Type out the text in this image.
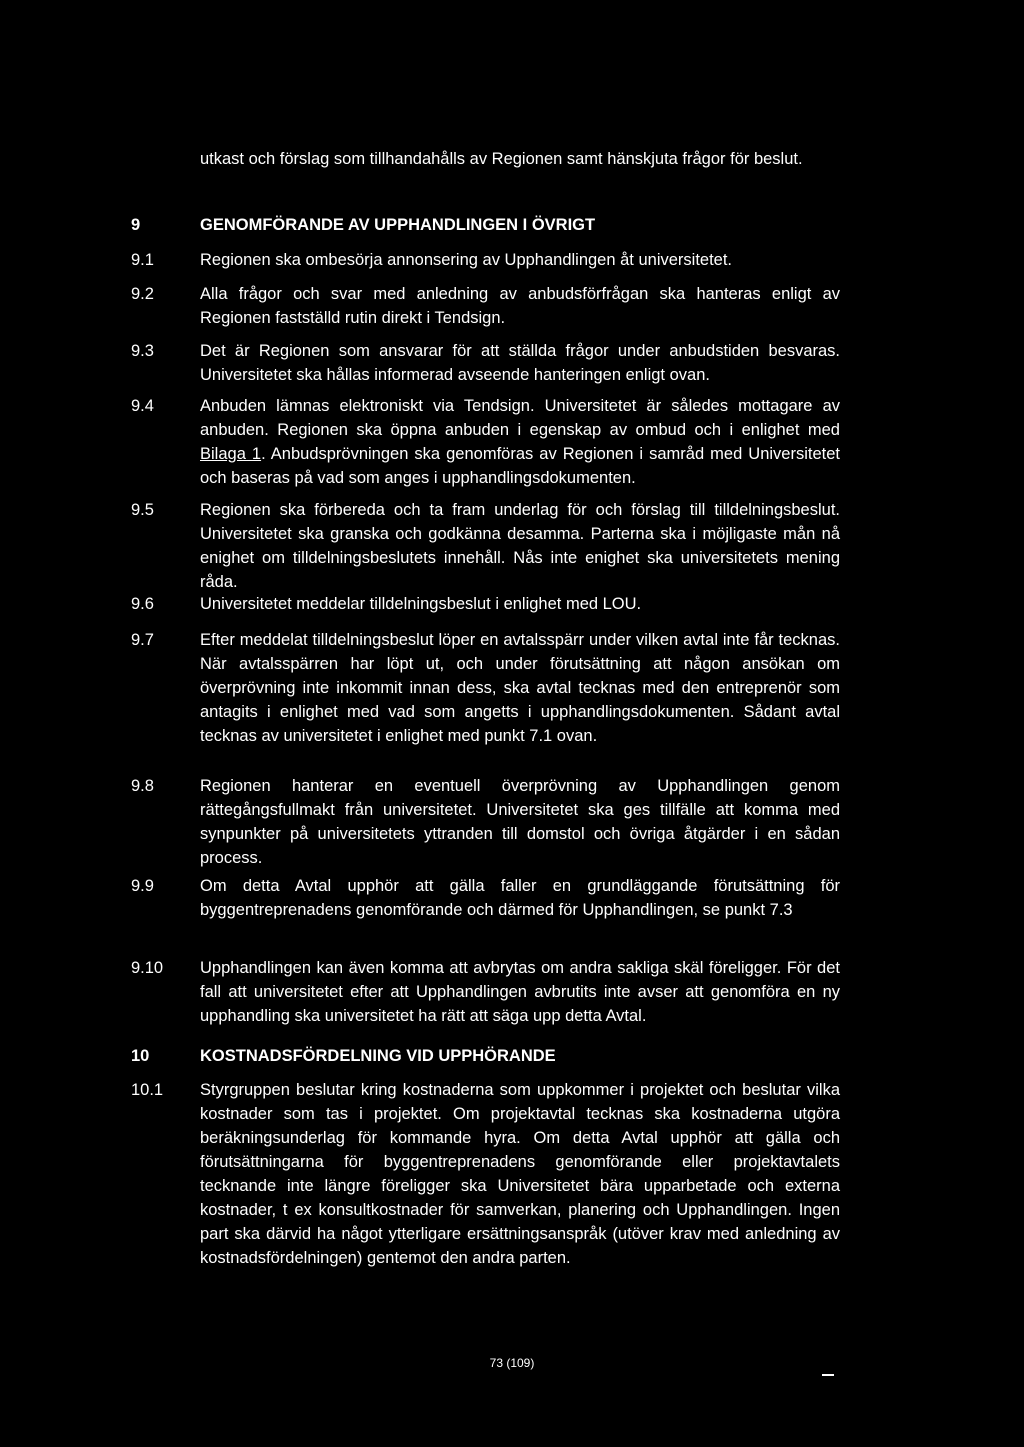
utkast och förslag som tillhandahålls av Regionen samt hänskjuta frågor för beslut.

9	GENOMFÖRANDE AV UPPHANDLINGEN I ÖVRIGT
9.1	Regionen ska ombesörja annonsering av Upphandlingen åt universitetet.

9.2	Alla frågor och svar med anledning av anbudsförfrågan ska hanteras enligt av Regionen fastställd rutin direkt i Tendsign.

9.3	Det är Regionen som ansvarar för att ställda frågor under anbudstiden besvaras. Universitetet ska hållas informerad avseende hanteringen enligt ovan.

9.4	Anbuden lämnas elektroniskt via Tendsign. Universitetet är således mottagare av anbuden. Regionen ska öppna anbuden i egenskap av ombud och i enlighet med Bilaga 1. Anbudsprövningen ska genomföras av Regionen i samråd med Universitetet och baseras på vad som anges i upphandlingsdokumenten.

9.5	Regionen ska förbereda och ta fram underlag för och förslag till tilldelningsbeslut. Universitetet ska granska och godkänna desamma. Parterna ska i möjligaste mån nå enighet om tilldelningsbeslutets innehåll. Nås inte enighet ska universitetets mening råda.

9.6	Universitetet meddelar tilldelningsbeslut i enlighet med LOU.

9.7	Efter meddelat tilldelningsbeslut löper en avtalsspärr under vilken avtal inte får tecknas. När avtalsspärren har löpt ut, och under förutsättning att någon ansökan om överprövning inte inkommit innan dess, ska avtal tecknas med den entreprenör som antagits i enlighet med vad som angetts i upphandlingsdokumenten. Sådant avtal tecknas av universitetet i enlighet med punkt 7.1 ovan.

9.8	Regionen hanterar en eventuell överprövning av Upphandlingen genom rättegångsfullmakt från universitetet. Universitetet ska ges tillfälle att komma med synpunkter på universitetets yttranden till domstol och övriga åtgärder i en sådan process.

9.9	Om detta Avtal upphör att gälla faller en grundläggande förutsättning för byggentreprenadens genomförande och därmed för Upphandlingen, se punkt 7.3

9.10 Upphandlingen kan även komma att avbrytas om andra sakliga skäl föreligger. För det fall att universitetet efter att Upphandlingen avbrutits inte avser att genomföra en ny upphandling ska universitetet ha rätt att säga upp detta Avtal.

10	KOSTNADSFÖRDELNING VID UPPHÖRANDE
10.1 Styrgruppen beslutar kring kostnaderna som uppkommer i projektet och beslutar vilka kostnader som tas i projektet. Om projektavtal tecknas ska kostnaderna utgöra beräkningsunderlag för kommande hyra. Om detta Avtal upphör att gälla och förutsättningarna för byggentreprenadens genomförande eller projektavtalets tecknande inte längre föreligger ska Universitetet bära upparbetade och externa kostnader, t ex konsultkostnader för samverkan, planering och Upphandlingen. Ingen part ska därvid ha något ytterligare ersättningsanspråk (utöver krav med anledning av kostnadsfördelningen) gentemot den andra parten.

73 (109)
